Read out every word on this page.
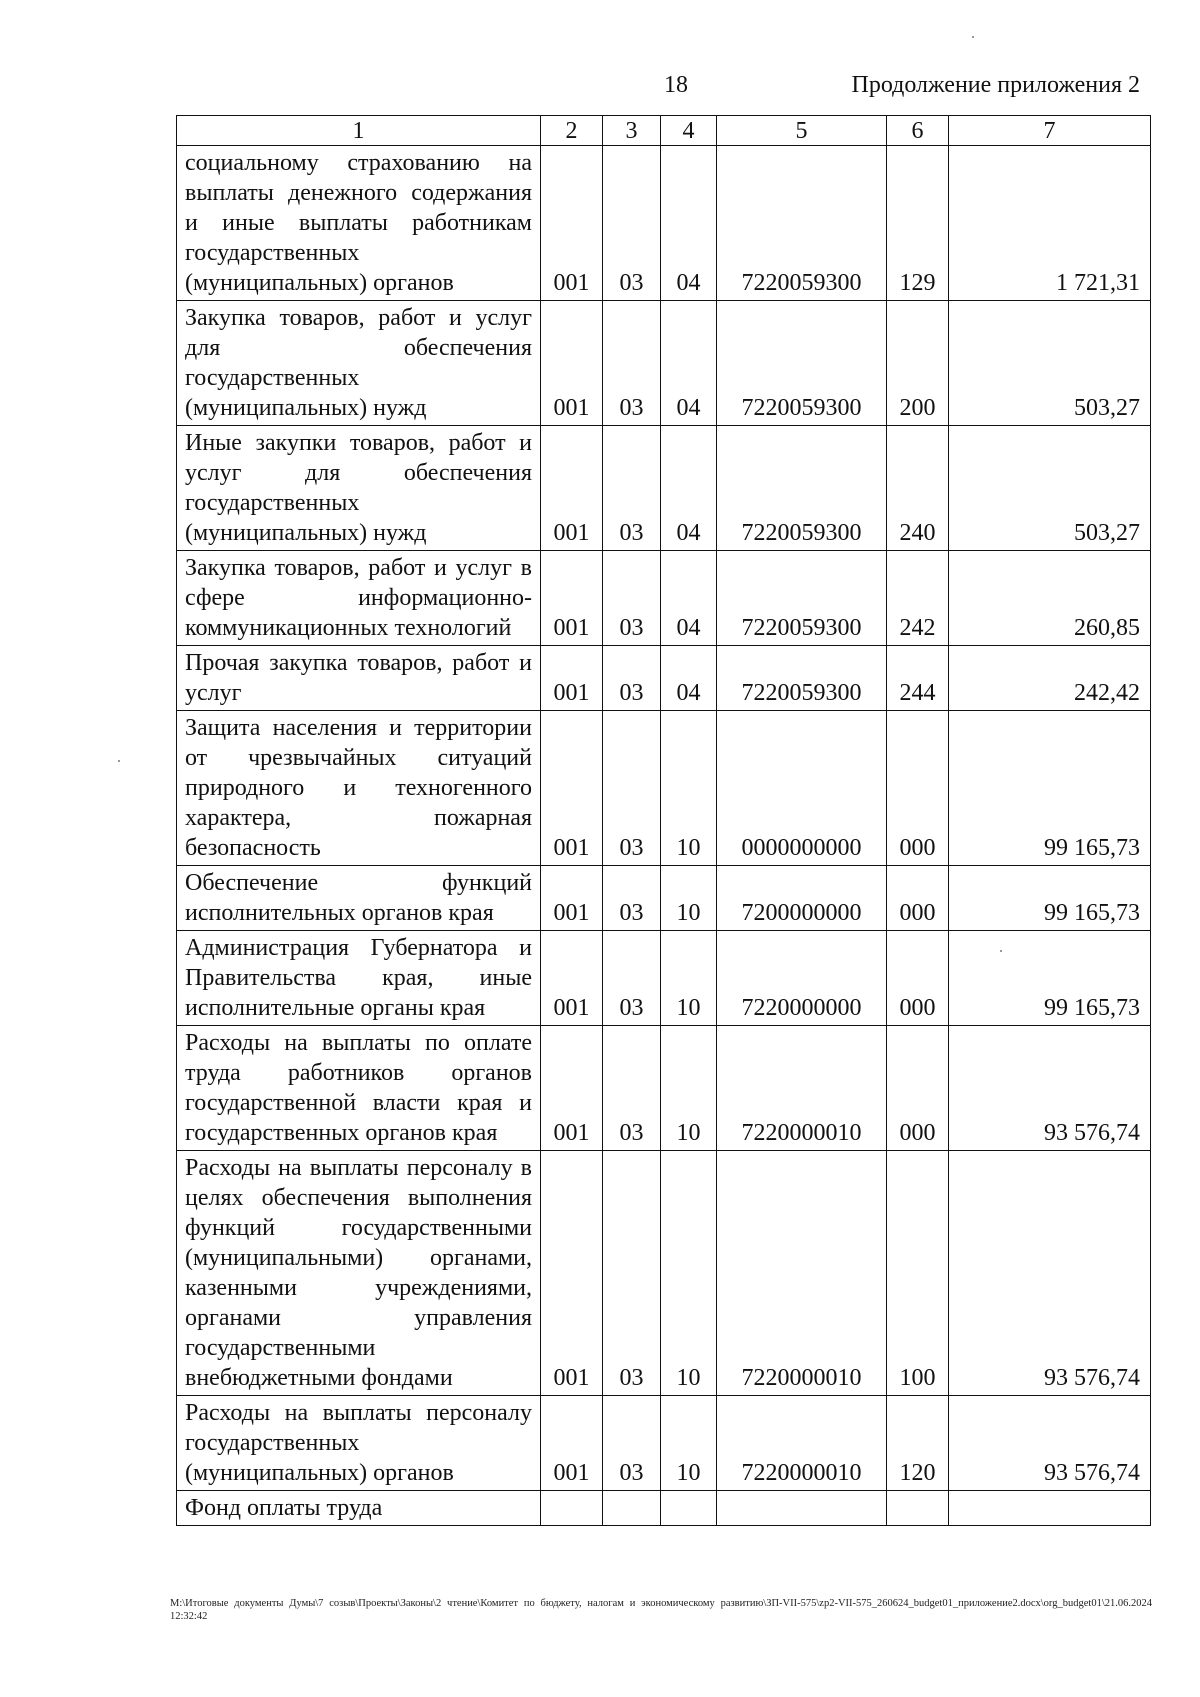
18	Продолжение приложения 2
1	2	3	4	5	6	7
социальному страхованию на выплаты денежного содержания и иные выплаты работникам государственных (муниципальных) органов	001	03	04	7220059300	129	1 721,31
Закупка товаров, работ и услуг для обеспечения государственных (муниципальных) нужд	001	03	04	7220059300	200	503,27
Иные закупки товаров, работ и услуг для обеспечения государственных (муниципальных) нужд	001	03	04	7220059300	240	503,27
Закупка товаров, работ и услуг в сфере информационно-коммуникационных технологий	001	03	04	7220059300	242	260,85
Прочая закупка товаров, работ и услуг	001	03	04	7220059300	244	242,42
Защита населения и территории от чрезвычайных ситуаций природного и техногенного характера, пожарная безопасность	001	03	10	0000000000	000	99 165,73
Обеспечение функций исполнительных органов края	001	03	10	7200000000	000	99 165,73
Администрация Губернатора и Правительства края, иные исполнительные органы края	001	03	10	7220000000	000	99 165,73
Расходы на выплаты по оплате труда работников органов государственной власти края и государственных органов края	001	03	10	7220000010	000	93 576,74
Расходы на выплаты персоналу в целях обеспечения выполнения функций государственными (муниципальными) органами, казенными учреждениями, органами управления государственными внебюджетными фондами	001	03	10	7220000010	100	93 576,74
Расходы на выплаты персоналу государственных (муниципальных) органов	001	03	10	7220000010	120	93 576,74
Фонд оплаты труда						
M:\Итоговые документы Думы\7 созыв\Проекты\Законы\2 чтение\Комитет по бюджету, налогам и экономическому развитию\ЗП-VII-575\zp2-VII-575_260624_budget01_приложение2.docx\org_budget01\21.06.2024 12:32:42
